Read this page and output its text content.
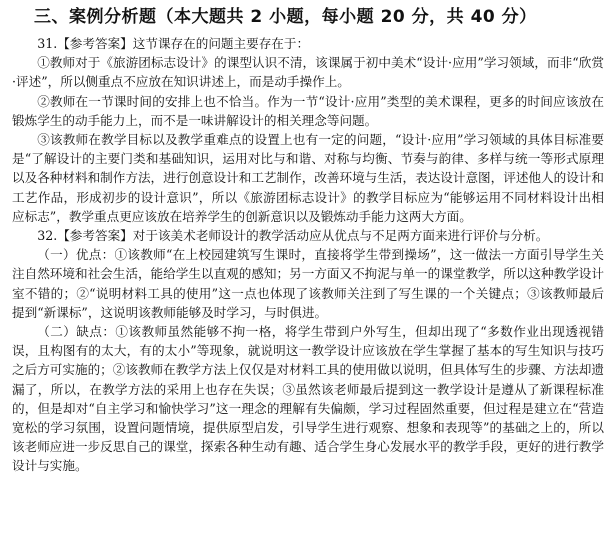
三、案例分析题（本大题共 2 小题，每小题 20 分，共 40 分）

31.【参考答案】这节课存在的问题主要存在于：

①教师对于《旅游团标志设计》的课型认识不清，该课属于初中美术“设计·应用”学习领域，而非“欣赏·评述”，所以侧重点不应放在知识讲述上，而是动手操作上。

②教师在一节课时间的安排上也不恰当。作为一节“设计·应用”类型的美术课程，更多的时间应该放在锻炼学生的动手能力上，而不是一味讲解设计的相关理念等问题。

③该教师在教学目标以及教学重难点的设置上也有一定的问题，“设计·应用”学习领域的具体目标准要是“了解设计的主要门类和基础知识，运用对比与和谐、对称与均衡、节奏与韵律、多样与统一等形式原理以及各种材料和制作方法，进行创意设计和工艺制作，改善环境与生活，表达设计意图，评述他人的设计和工艺作品，形成初步的设计意识”，所以《旅游团标志设计》的教学目标应为“能够运用不同材料设计出相应标志”，教学重点更应该放在培养学生的创新意识以及锻炼动手能力这两大方面。

32.【参考答案】对于该美术老师设计的教学活动应从优点与不足两方面来进行评价与分析。

（一）优点：①该教师“在上校园建筑写生课时，直接将学生带到操场”，这一做法一方面引导学生关注自然环境和社会生活，能给学生以直观的感知；另一方面又不拘泥与单一的课堂教学，所以这种教学设计室不错的；②“说明材料工具的使用”这一点也体现了该教师关注到了写生课的一个关键点；③该教师最后提到“新课标”，这说明该教师能够及时学习，与时俱进。

（二）缺点：①该教师虽然能够不拘一格，将学生带到户外写生，但却出现了“多数作业出现透视错误，且构图有的太大，有的太小”等现象，就说明这一教学设计应该放在学生掌握了基本的写生知识与技巧之后方可实施的；②该教师在教学方法上仅仅是对材料工具的使用做以说明，但具体写生的步骤、方法却遗漏了，所以，在教学方法的采用上也存在失误；③虽然该老师最后提到这一教学设计是遵从了新课程标准的，但是却对“自主学习和愉快学习”这一理念的理解有失偏颇，学习过程固然重要，但过程是建立在“营造宽松的学习氛围，设置问题情境，提供原型启发，引导学生进行观察、想象和表现等”的基础之上的，所以该老师应进一步反思自己的课堂，探索各种生动有趣、适合学生身心发展水平的教学手段，更好的进行教学设计与实施。
